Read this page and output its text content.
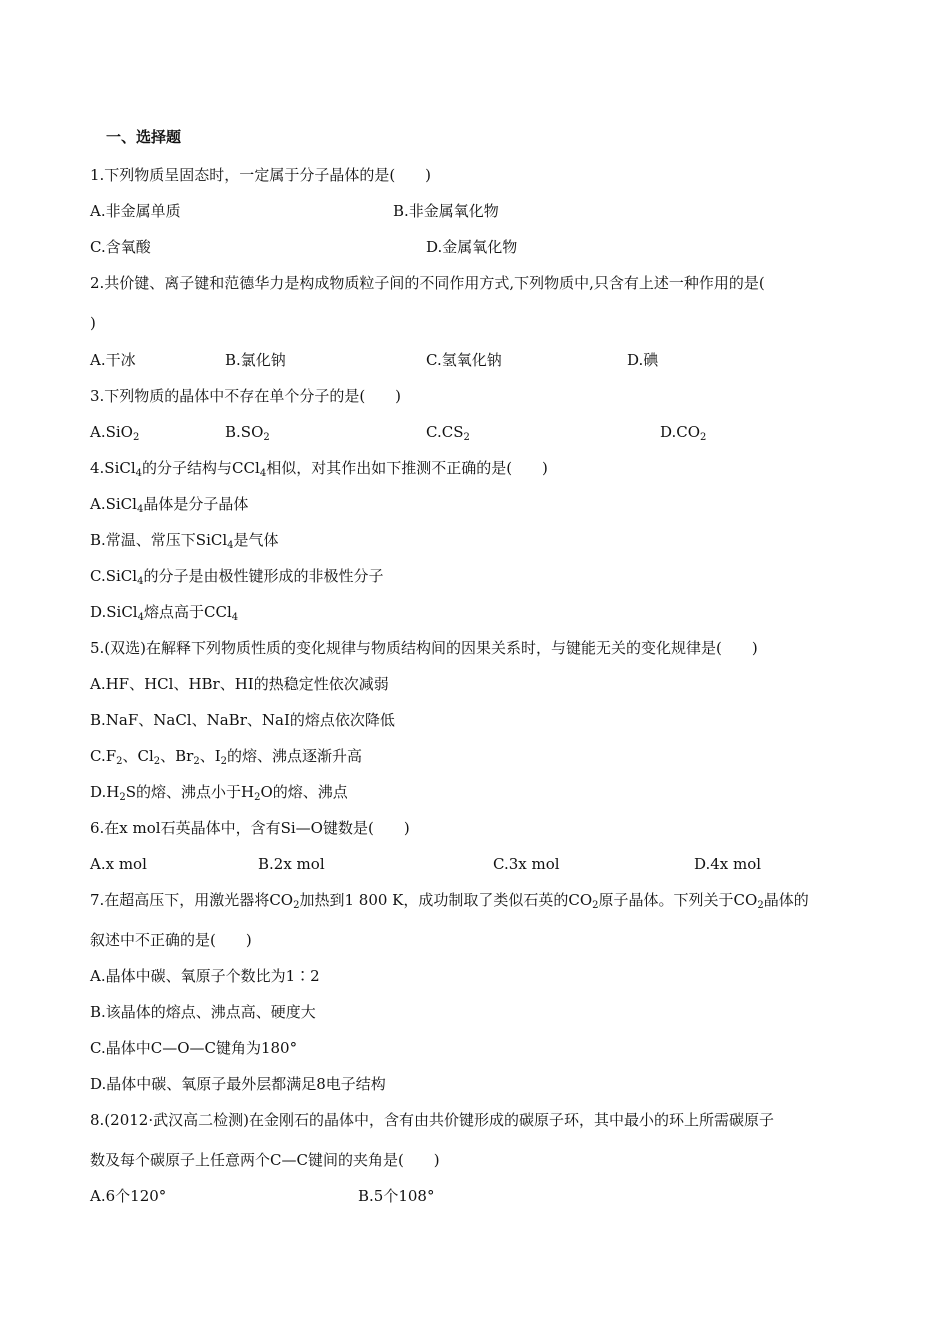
一、选择题
1.下列物质呈固态时，一定属于分子晶体的是(　　)
A.非金属单质	B.非金属氧化物
C.含氧酸	D.金属氧化物
2.共价键、离子键和范德华力是构成物质粒子间的不同作用方式,下列物质中,只含有上述一种作用的是(
)
A.干冰	B.氯化钠	C.氢氧化钠	D.碘
3.下列物质的晶体中不存在单个分子的是(　　)
A.SiO$_2$	$B.SO_2$	$C.CS_2$	$D.CO_2$
4.SiCl$_4$的分子结构与CCl$_4$相似，对其作出如下推测不正确的是(　　)
A.SiCl$_4$晶体是分子晶体
B.常温、常压下SiCl$_4$是气体
C.SiCl$_4$的分子是由极性键形成的非极性分子
D.SiCl$_4$熔点高于CCl$_4$
5.(双选)在解释下列物质性质的变化规律与物质结构间的因果关系时，与键能无关的变化规律是(　　)
A.HF、HCl、HBr、HI的热稳定性依次减弱
B.NaF、NaCl、NaBr、NaI的熔点依次降低
$C.F_2$、$Cl_2$、$Br_2$、$I_2$的熔、沸点逐渐升高
$D.H_2S$的熔、沸点小于$H_2O$的熔、沸点
6.在x mol石英晶体中，含有Si—O键数是(　　)
A.x mol	B.2x mol	C.3x mol	D.4x mol
7.在超高压下，用激光器将$CO_2$加热到1 800 K，成功制取了类似石英的$CO_2$原子晶体。下列关于$CO_2$晶体的
叙述中不正确的是(　　)
A.晶体中碳、氧原子个数比为1∶2
B.该晶体的熔点、沸点高、硬度大
C.晶体中C—O—C键角为180°
D.晶体中碳、氧原子最外层都满足8电子结构
8.(2012·武汉高二检测)在金刚石的晶体中，含有由共价键形成的碳原子环，其中最小的环上所需碳原子
数及每个碳原子上任意两个C—C键间的夹角是(　　)
A.6个120°	B.5个108°
